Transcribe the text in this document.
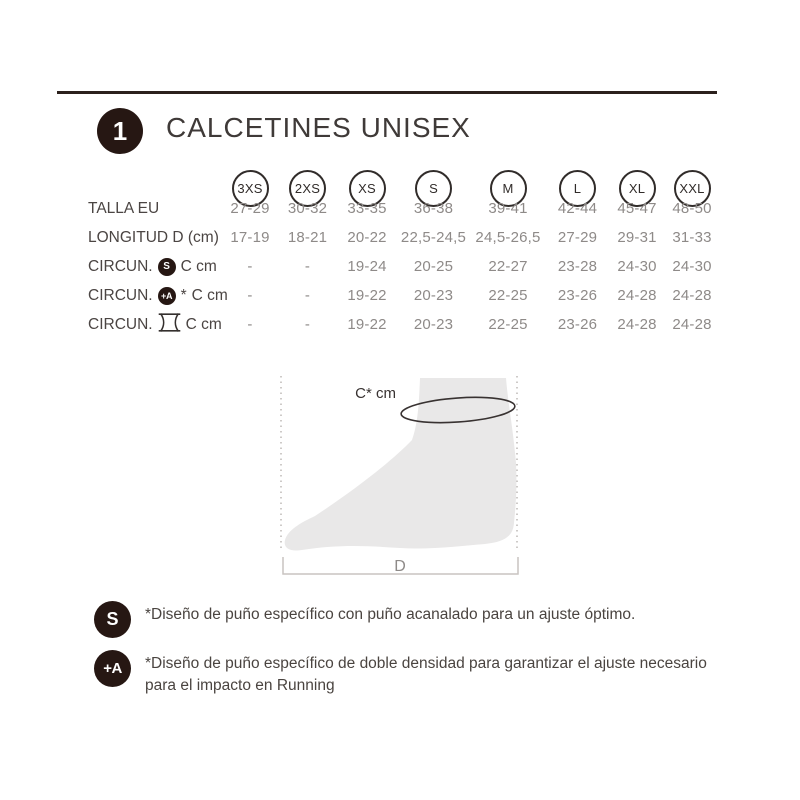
1 CALCETINES UNISEX
3XS	2XS	XS	S	M	L	XL	XXL
TALLA EU	27-29	30-32	33-35	36-38	39-41	42-44	45-47	48-50
LONGITUD D (cm) 17-19	18-21	20-22 22,5-24,5 24,5-26,5	27-29	29-31	31-33
CIRCUN.	S C cm	-	-	19-24	20-25	22-27	23-28	24-30	24-30
CIRCUN. +A * C cm	-	-	19-22	20-23	22-25	23-26	24-28	24-28
CIRCUN. C cm	-	-	19-22	20-23	22-25	23-26	24-28	24-28
C* cm
D
S	*Diseño de puño específico con puño acanalado para un ajuste óptimo.
+A	*Diseño de puño específico de doble densidad para garantizar el ajuste necesario para el impacto en Running
